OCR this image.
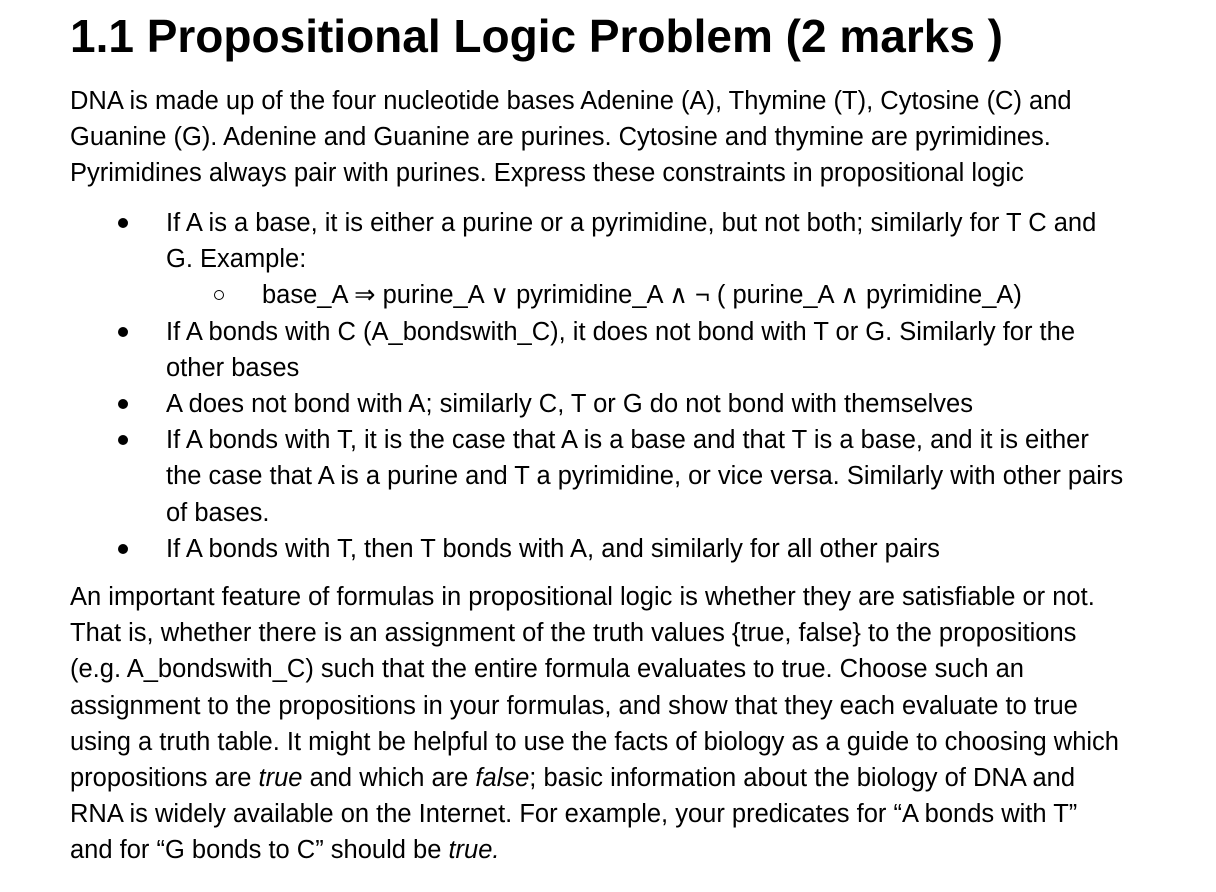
1.1 Propositional Logic Problem (2 marks )

DNA is made up of the four nucleotide bases Adenine (A), Thymine (T), Cytosine (C) and
Guanine (G). Adenine and Guanine are purines. Cytosine and thymine are pyrimidines.
Pyrimidines always pair with purines. Express these constraints in propositional logic

If A is a base, it is either a purine or a pyrimidine, but not both; similarly for T C and
G. Example:
base_A ⇒ purine_A ∨ pyrimidine_A ∧ ¬ ( purine_A ∧ pyrimidine_A)
If A bonds with C (A_bondswith_C), it does not bond with T or G. Similarly for the
other bases
A does not bond with A; similarly C, T or G do not bond with themselves
If A bonds with T, it is the case that A is a base and that T is a base, and it is either
the case that A is a purine and T a pyrimidine, or vice versa. Similarly with other pairs
of bases.
If A bonds with T, then T bonds with A, and similarly for all other pairs

An important feature of formulas in propositional logic is whether they are satisfiable or not.
That is, whether there is an assignment of the truth values {true, false} to the propositions
(e.g. A_bondswith_C) such that the entire formula evaluates to true. Choose such an
assignment to the propositions in your formulas, and show that they each evaluate to true
using a truth table. It might be helpful to use the facts of biology as a guide to choosing which
propositions are true and which are false; basic information about the biology of DNA and
RNA is widely available on the Internet. For example, your predicates for “A bonds with T”
and for “G bonds to C” should be true.
